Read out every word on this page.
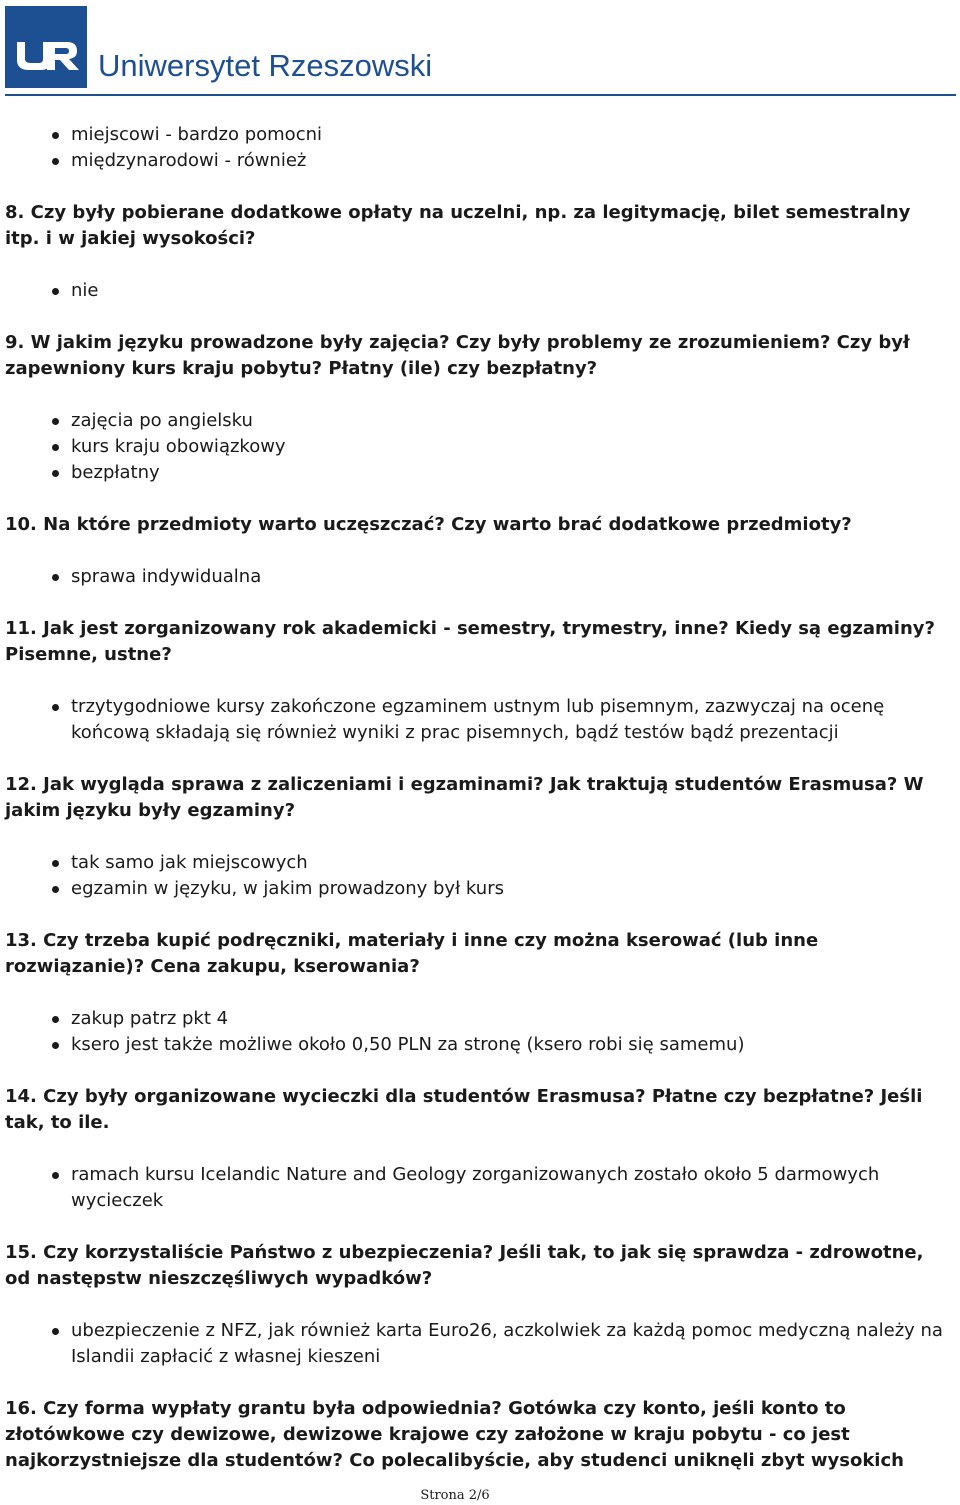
Uniwersytet Rzeszowski
miejscowi - bardzo pomocni
międzynarodowi - również
8. Czy były pobierane dodatkowe opłaty na uczelni, np. za legitymację, bilet semestralny itp. i w jakiej wysokości?
nie
9. W jakim języku prowadzone były zajęcia? Czy były problemy ze zrozumieniem? Czy był zapewniony kurs kraju pobytu? Płatny (ile) czy bezpłatny?
zajęcia po angielsku
kurs kraju obowiązkowy
bezpłatny
10. Na które przedmioty warto uczęszczać? Czy warto brać dodatkowe przedmioty?
sprawa indywidualna
11. Jak jest zorganizowany rok akademicki - semestry, trymestry, inne? Kiedy są egzaminy? Pisemne, ustne?
trzytygodniowe kursy zakończone egzaminem ustnym lub pisemnym, zazwyczaj na ocenę końcową składają się również wyniki z prac pisemnych, bądź testów bądź prezentacji
12. Jak wygląda sprawa z zaliczeniami i egzaminami? Jak traktują studentów Erasmusa? W jakim języku były egzaminy?
tak samo jak miejscowych
egzamin w języku, w jakim prowadzony był kurs
13. Czy trzeba kupić podręczniki, materiały i inne czy można kserować (lub inne rozwiązanie)? Cena zakupu, kserowania?
zakup patrz pkt 4
ksero jest także możliwe około 0,50 PLN za stronę (ksero robi się samemu)
14. Czy były organizowane wycieczki dla studentów Erasmusa? Płatne czy bezpłatne? Jeśli tak, to ile.
ramach kursu Icelandic Nature and Geology zorganizowanych zostało około 5 darmowych wycieczek
15. Czy korzystaliście Państwo z ubezpieczenia? Jeśli tak, to jak się sprawdza - zdrowotne, od następstw nieszczęśliwych wypadków?
ubezpieczenie z NFZ, jak również karta Euro26, aczkolwiek za każdą pomoc medyczną należy na Islandii zapłacić z własnej kieszeni
16. Czy forma wypłaty grantu była odpowiednia? Gotówka czy konto, jeśli konto to złotówkowe czy dewizowe, dewizowe krajowe czy założone w kraju pobytu - co jest najkorzystniejsze dla studentów? Co polecalibyście, aby studenci uniknęli zbyt wysokich
Strona 2/6
